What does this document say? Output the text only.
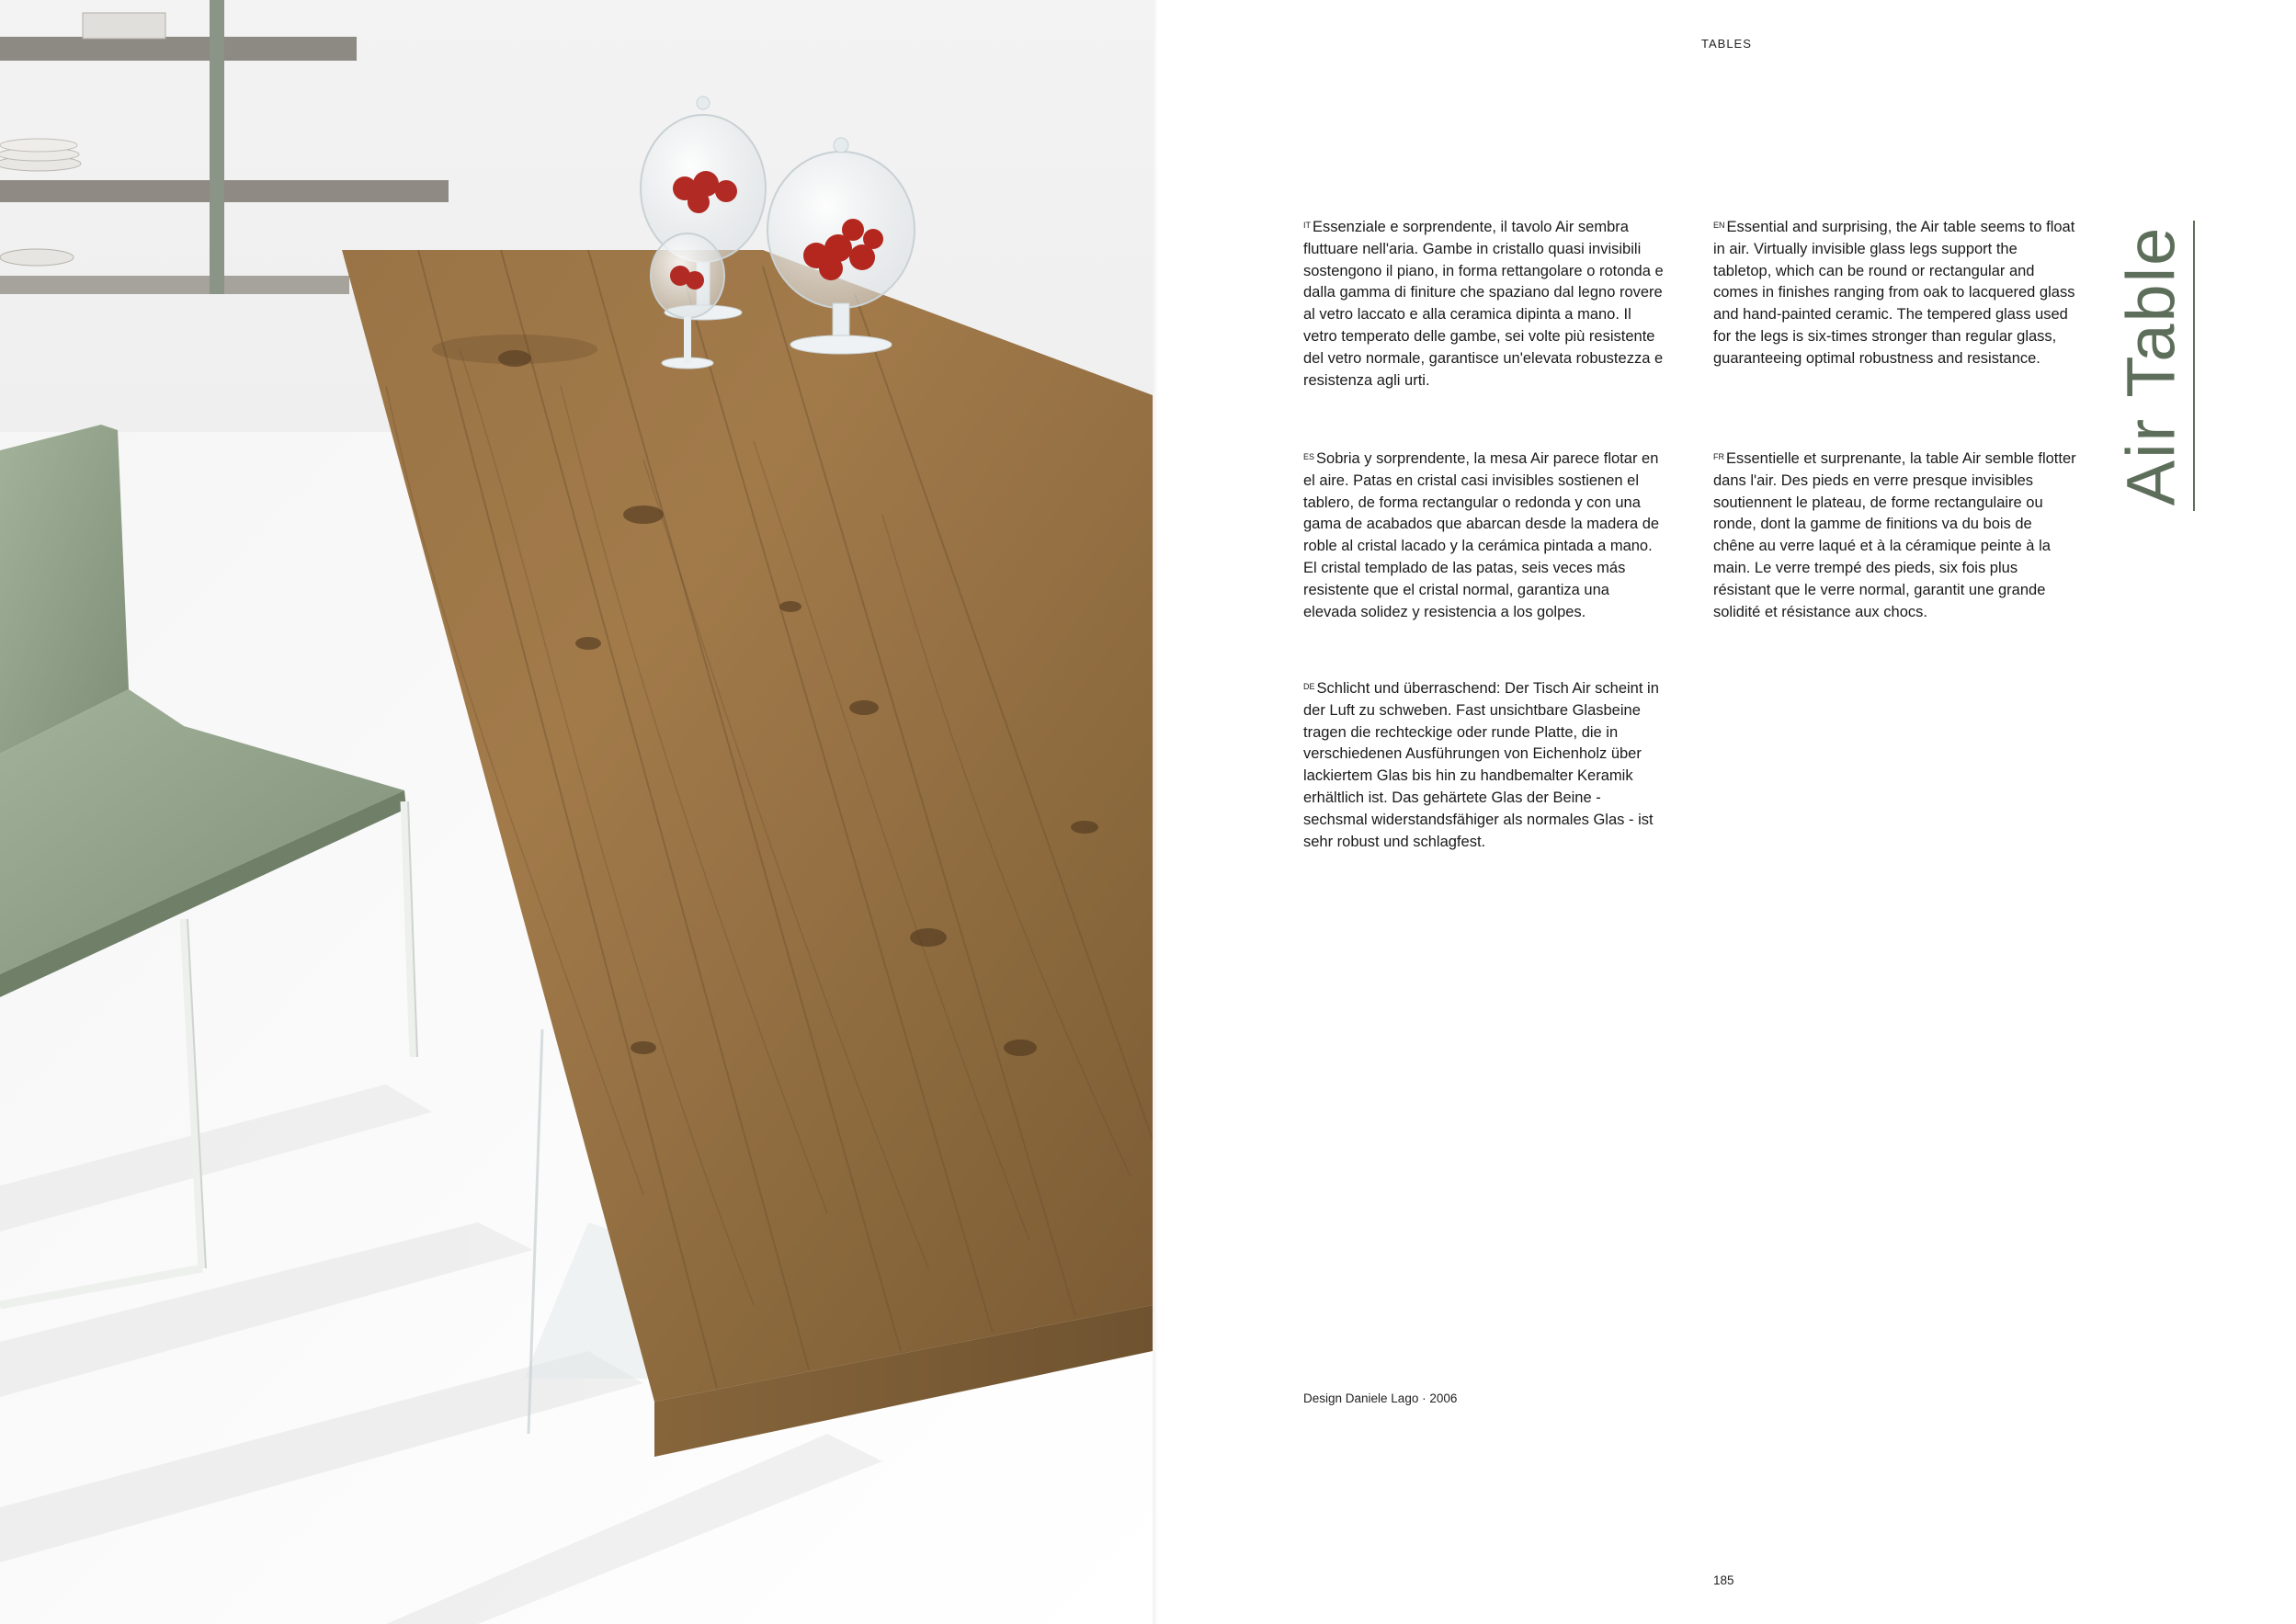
TABLES

$^{IT}$ Essenziale e sorprendente, il tavolo Air sembra fluttuare nell'aria. Gambe in cristallo quasi invisibili sostengono il piano, in forma rettangolare o rotonda e dalla gamma di finiture che spaziano dal legno rovere al vetro laccato e alla ceramica dipinta a mano. Il vetro temperato delle gambe, sei volte più resistente del vetro normale, garantisce un'elevata robustezza e resistenza agli urti.

$^{ES}$ Sobria y sorprendente, la mesa Air parece flotar en el aire. Patas en cristal casi invisibles sostienen el tablero, de forma rectangular o redonda y con una gama de acabados que abarcan desde la madera de roble al cristal lacado y la cerámica pintada a mano. El cristal templado de las patas, seis veces más resistente que el cristal normal, garantiza una elevada solidez y resistencia a los golpes.

$^{DE}$ Schlicht und überraschend: Der Tisch Air scheint in der Luft zu schweben. Fast unsichtbare Glasbeine tragen die rechteckige oder runde Platte, die in verschiedenen Ausführungen von Eichenholz über lackiertem Glas bis hin zu handbemalter Keramik erhältlich ist. Das gehärtete Glas der Beine - sechsmal widerstandsfähiger als normales Glas - ist sehr robust und schlagfest.

$^{EN}$ Essential and surprising, the Air table seems to float in air. Virtually invisible glass legs support the tabletop, which can be round or rectangular and comes in finishes ranging from oak to lacquered glass and hand-painted ceramic. The tempered glass used for the legs is six-times stronger than regular glass, guaranteeing optimal robustness and resistance.

$^{FR}$ Essentielle et surprenante, la table Air semble flotter dans l'air. Des pieds en verre presque invisibles soutiennent le plateau, de forme rectangulaire ou ronde, dont la gamme de finitions va du bois de chêne au verre laqué et à la céramique peinte à la main. Le verre trempé des pieds, six fois plus résistant que le verre normal, garantit une grande solidité et résistance aux chocs.

Air Table
Design Daniele Lago · 2006
185
